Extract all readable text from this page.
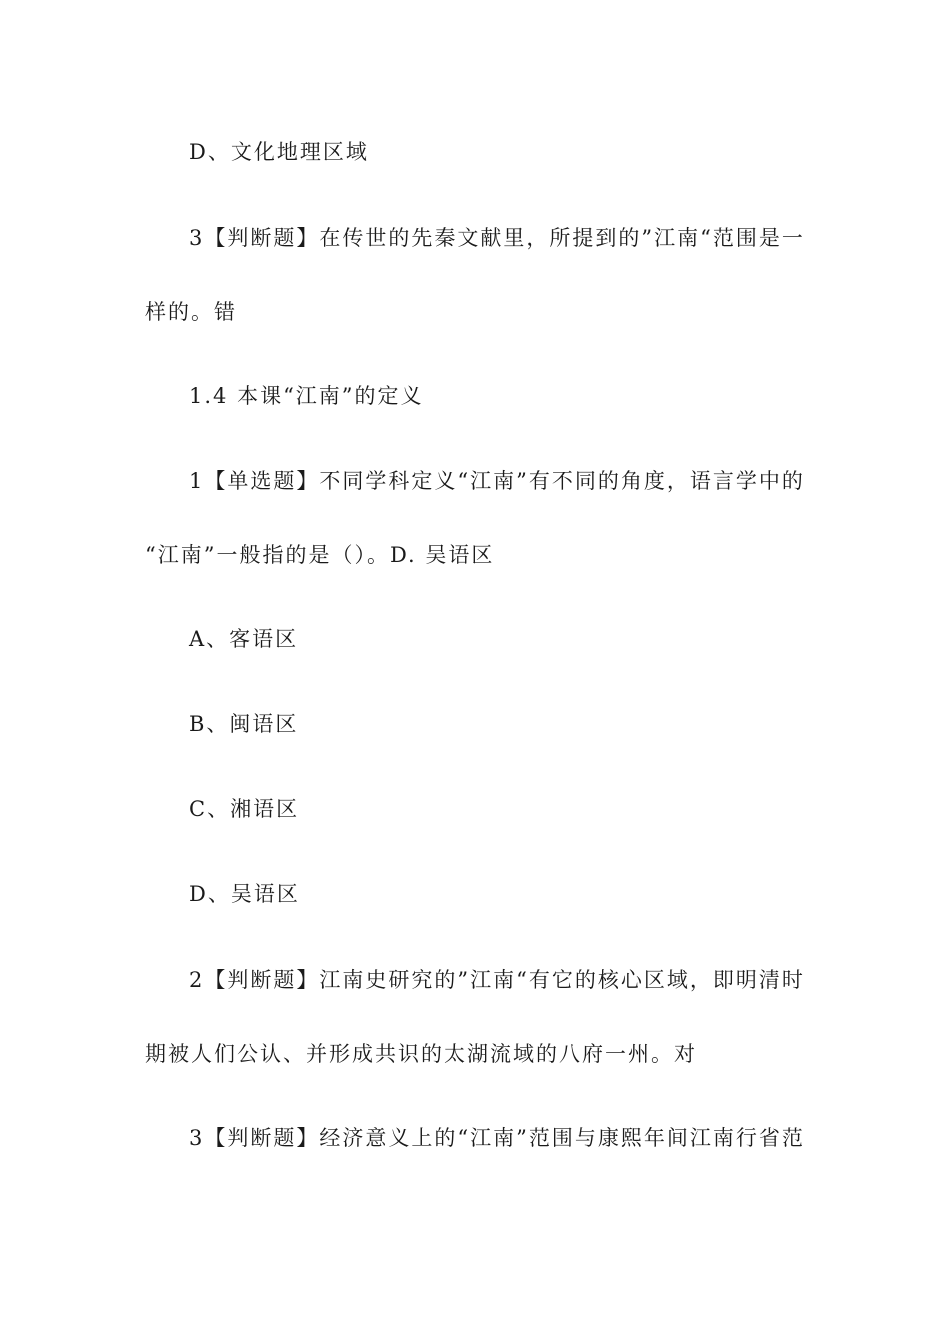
D、文化地理区域
3【判断题】在传世的先秦文献里，所提到的”江南“范围是一
样的。错
1.4 本课“江南”的定义
1【单选题】不同学科定义“江南”有不同的角度，语言学中的
“江南”一般指的是（）。D. 吴语区
A、客语区
B、闽语区
C、湘语区
D、吴语区
2【判断题】江南史研究的”江南“有它的核心区域，即明清时
期被人们公认、并形成共识的太湖流域的八府一州。对
3【判断题】经济意义上的“江南”范围与康熙年间江南行省范
